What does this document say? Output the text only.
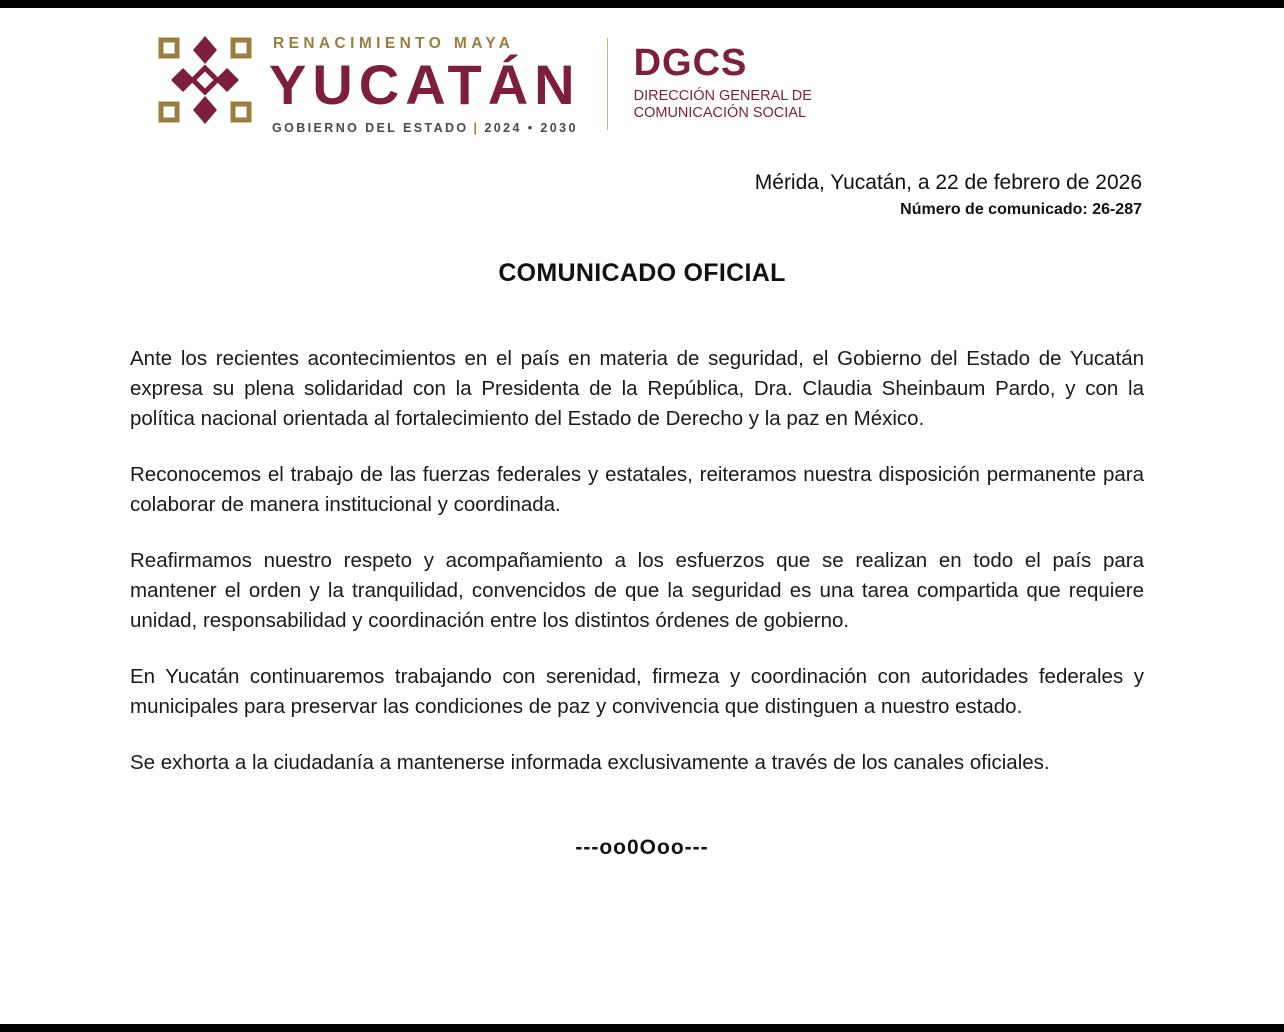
RENACIMIENTO MAYA
YUCATÁN
GOBIERNO DEL ESTADO | 2024 • 2030
DGCS
DIRECCIÓN GENERAL DE COMUNICACIÓN SOCIAL
Mérida, Yucatán, a 22 de febrero de 2026
Número de comunicado: 26-287
COMUNICADO OFICIAL

Ante los recientes acontecimientos en el país en materia de seguridad, el Gobierno del Estado de Yucatán expresa su plena solidaridad con la Presidenta de la República, Dra. Claudia Sheinbaum Pardo, y con la política nacional orientada al fortalecimiento del Estado de Derecho y la paz en México.

Reconocemos el trabajo de las fuerzas federales y estatales, reiteramos nuestra disposición permanente para colaborar de manera institucional y coordinada.

Reafirmamos nuestro respeto y acompañamiento a los esfuerzos que se realizan en todo el país para mantener el orden y la tranquilidad, convencidos de que la seguridad es una tarea compartida que requiere unidad, responsabilidad y coordinación entre los distintos órdenes de gobierno.

En Yucatán continuaremos trabajando con serenidad, firmeza y coordinación con autoridades federales y municipales para preservar las condiciones de paz y convivencia que distinguen a nuestro estado.

Se exhorta a la ciudadanía a mantenerse informada exclusivamente a través de los canales oficiales.

---oo0Ooo---
